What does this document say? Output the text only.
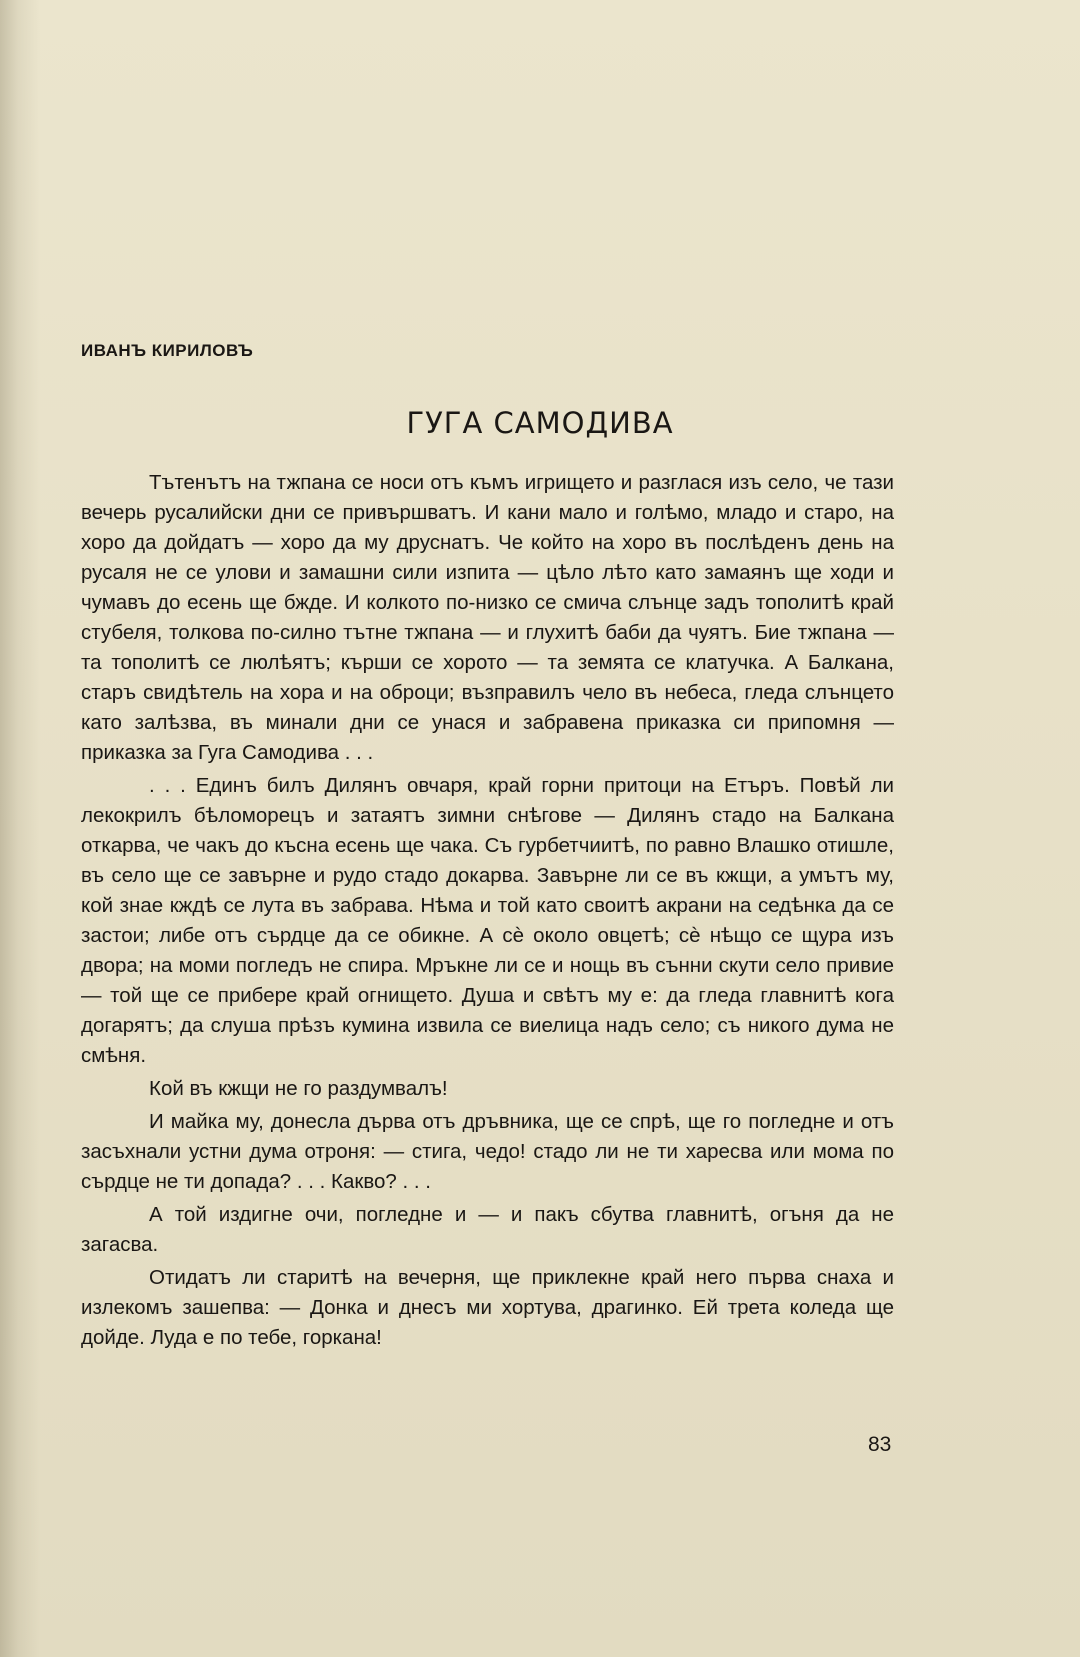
ИВАНЪ КИРИЛОВЪ
ГУГА САМОДИВА

Тътенътъ на тжпана се носи отъ къмъ игрището и разглася изъ село, че тази вечерь русалийски дни се привършватъ. И кани мало и голѣмо, младо и старо, на хоро да дойдатъ — хоро да му друснатъ. Че който на хоро въ послѣденъ день на русаля не се улови и замашни сили изпита — цѣло лѣто като замаянъ ще ходи и чумавъ до есень ще бжде. И колкото по-низко се смича слънце задъ тополитѣ край стубеля, толкова по-силно тътне тжпана — и глухитѣ баби да чуятъ. Бие тжпана — та тополитѣ се люлѣятъ; кърши се хорото — та земята се клатучка. А Балкана, старъ свидѣтель на хора и на оброци; възправилъ чело въ небеса, гледа слънцето като залѣзва, въ минали дни се унася и забравена приказка си припомня — приказка за Гуга Самодива . . .

. . . Единъ билъ Дилянъ овчаря, край горни притоци на Етъръ. Повѣй ли лекокрилъ бѣломорецъ и затаятъ зимни снѣгове — Дилянъ стадо на Балкана откарва, че чакъ до късна есень ще чака. Съ гурбетчиитѣ, по равно Влашко отишле, въ село ще се завърне и рудо стадо докарва. Завърне ли се въ кжщи, а умътъ му, кой знае кждѣ се лута въ забрава. Нѣма и той като своитѣ акрани на седѣнка да се застои; либе отъ сърдце да се обикне. А сѐ около овцетѣ; сѐ нѣщо се щура изъ двора; на моми погледъ не спира. Мръкне ли се и нощь въ сънни скути село привие — той ще се прибере край огнището. Душа и свѣтъ му е: да гледа главнитѣ кога догарятъ; да слуша прѣзъ кумина извила се виелица надъ село; съ никого дума не смѣня.

Кой въ кжщи не го раздумвалъ!

И майка му, донесла дърва отъ дръвника, ще се спрѣ, ще го погледне и отъ засъхнали устни дума отроня: — стига, чедо! стадо ли не ти харесва или мома по сърдце не ти допада? . . . Какво? . . .

А той издигне очи, погледне и — и пакъ сбутва главнитѣ, огъня да не загасва.

Отидатъ ли старитѣ на вечерня, ще приклекне край него първа снаха и излекомъ зашепва: — Донка и днесъ ми хортува, драгинко. Ей трета коледа ще дойде. Луда е по тебе, горкана!

83
